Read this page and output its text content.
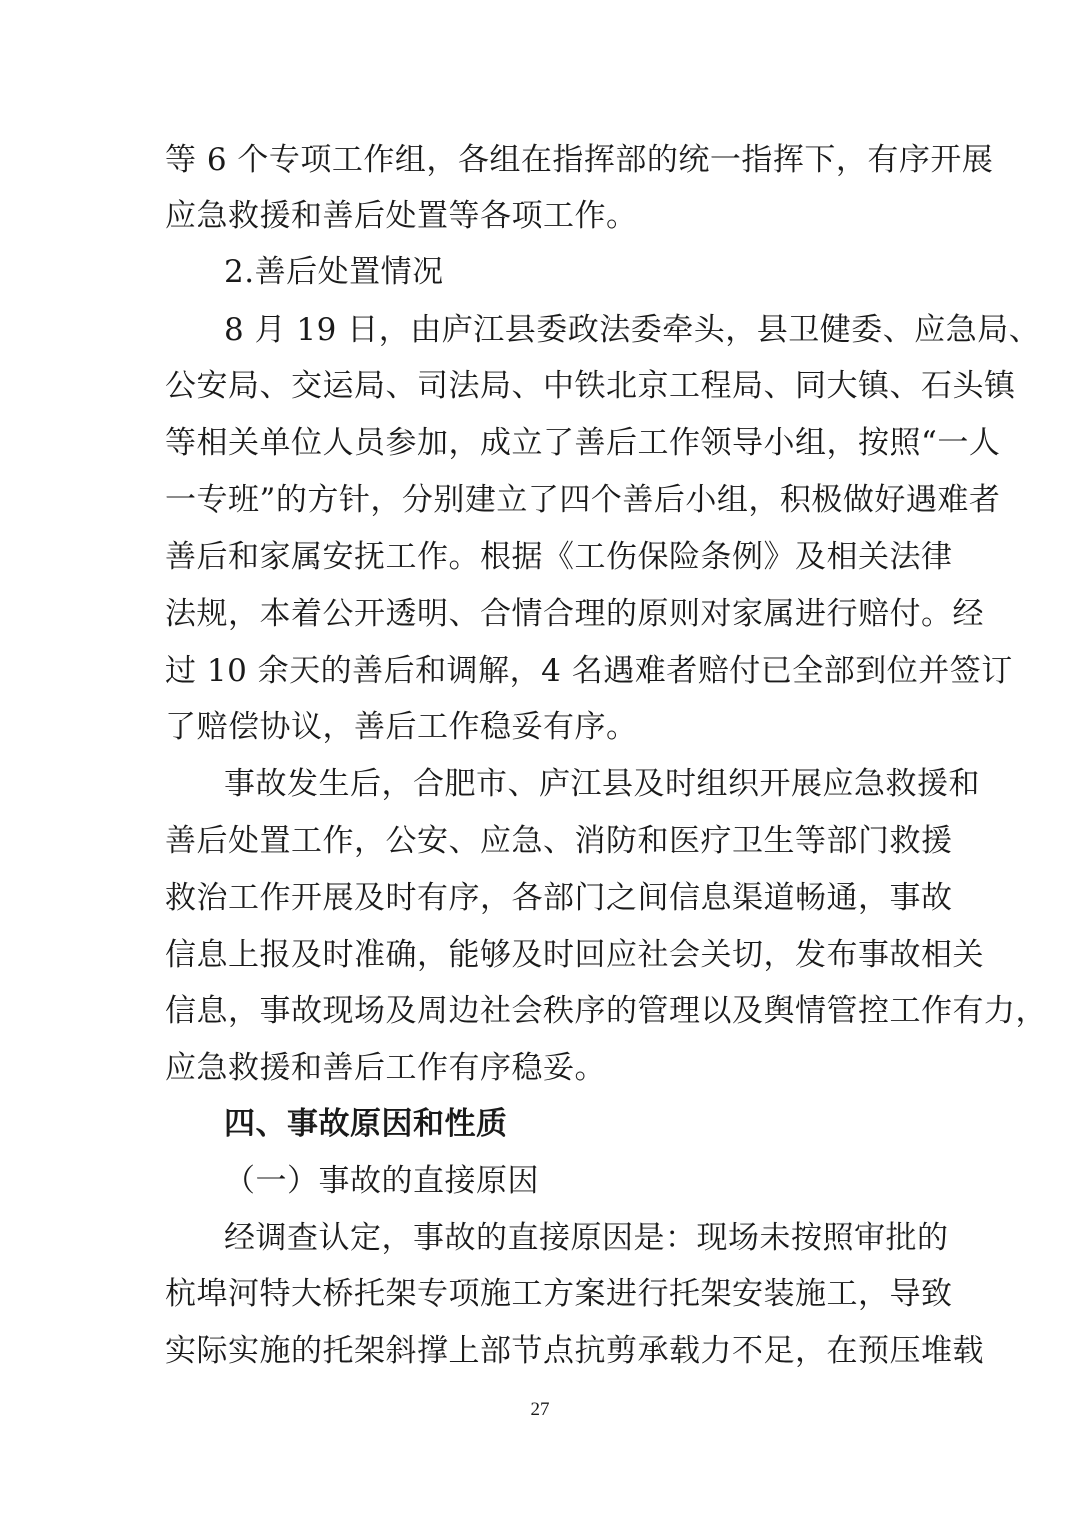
等 6 个专项工作组，各组在指挥部的统一指挥下，有序开展
应急救援和善后处置等各项工作。
2.善后处置情况
8 月 19 日，由庐江县委政法委牵头，县卫健委、应急局、
公安局、交运局、司法局、中铁北京工程局、同大镇、石头镇
等相关单位人员参加，成立了善后工作领导小组，按照“一人
一专班”的方针，分别建立了四个善后小组，积极做好遇难者
善后和家属安抚工作。根据《工伤保险条例》及相关法律
法规，本着公开透明、合情合理的原则对家属进行赔付。经
过 10 余天的善后和调解，4 名遇难者赔付已全部到位并签订
了赔偿协议，善后工作稳妥有序。
事故发生后，合肥市、庐江县及时组织开展应急救援和
善后处置工作，公安、应急、消防和医疗卫生等部门救援
救治工作开展及时有序，各部门之间信息渠道畅通，事故
信息上报及时准确，能够及时回应社会关切，发布事故相关
信息，事故现场及周边社会秩序的管理以及舆情管控工作有力，
应急救援和善后工作有序稳妥。
四、事故原因和性质
（一）事故的直接原因
经调查认定，事故的直接原因是：现场未按照审批的
杭埠河特大桥托架专项施工方案进行托架安装施工，导致
实际实施的托架斜撑上部节点抗剪承载力不足，在预压堆载
27
